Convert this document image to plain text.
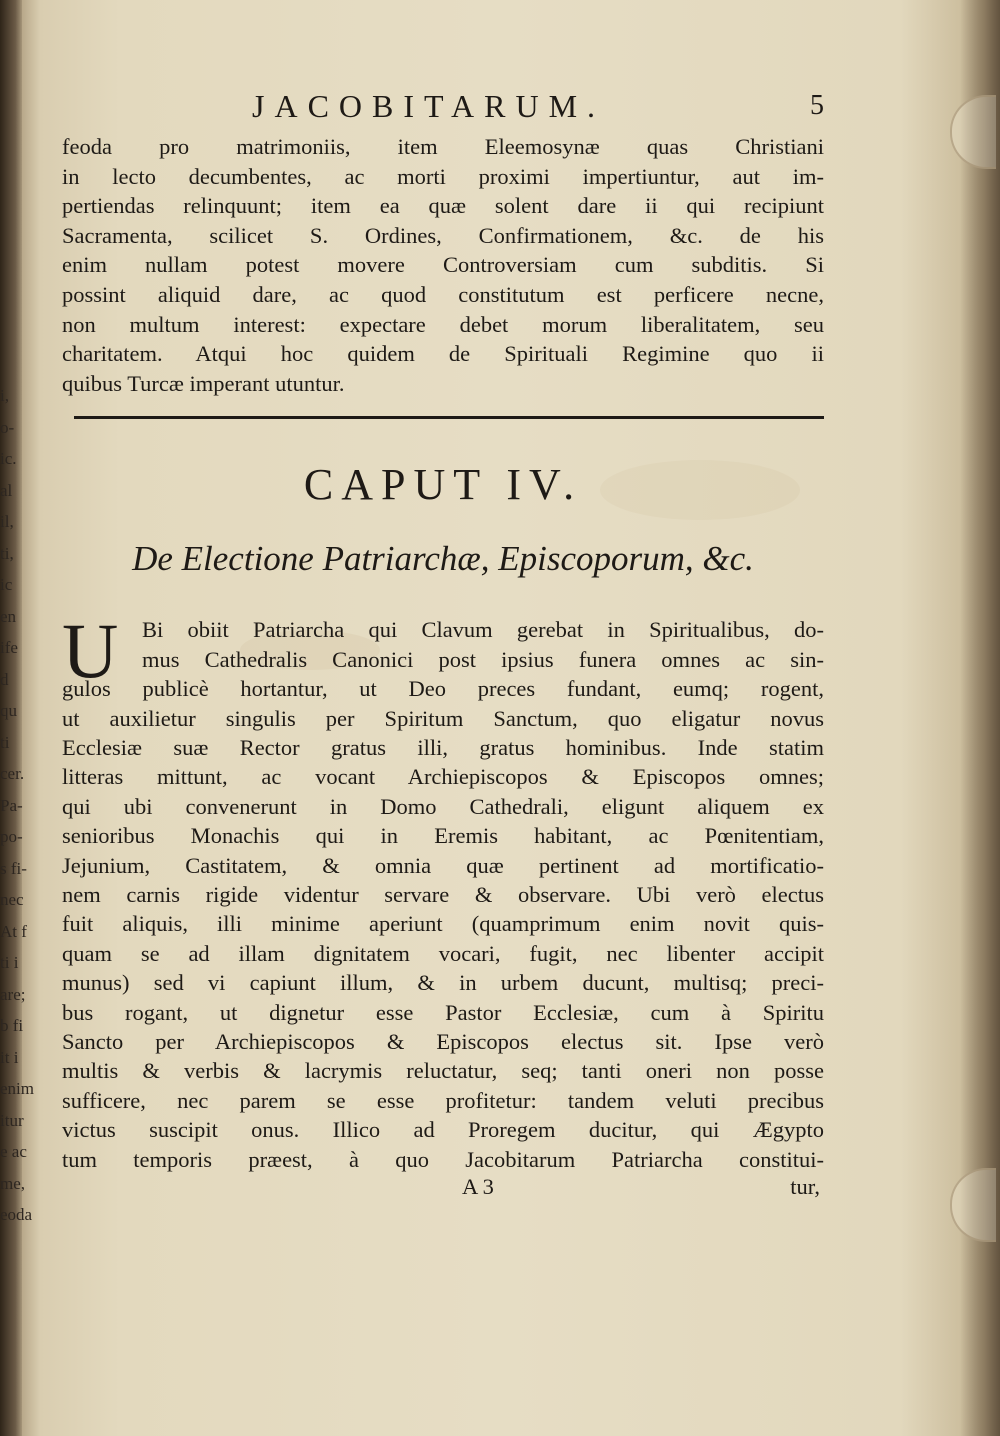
i,
o-
ic.
al
il,
ti,
ic
en
ife
d
qu
ti
cer.
Pa-
po-
s fi-
nec
At f
ti i
are;
b fi
it i
enim
itur
e ac
me,
eoda
JACOBITARUM.	5
feoda pro matrimoniis, item Eleemosynæ quas Christiani
in lecto decumbentes, ac morti proximi impertiuntur, aut im-
pertiendas relinquunt; item ea quæ solent dare ii qui recipiunt
Sacramenta, scilicet S. Ordines, Confirmationem, &c. de his
enim nullam potest movere Controversiam cum subditis. Si
possint aliquid dare, ac quod constitutum est perficere necne,
non multum interest: expectare debet morum liberalitatem, seu
charitatem. Atqui hoc quidem de Spirituali Regimine quo ii
quibus Turcæ imperant utuntur.
CAPUT IV.
De Electione Patriarchæ, Episcoporum, &c.
U	Bi obiit Patriarcha qui Clavum gerebat in Spiritualibus, do-
mus Cathedralis Canonici post ipsius funera omnes ac sin-
gulos publicè hortantur, ut Deo preces fundant, eumq; rogent,
ut auxilietur singulis per Spiritum Sanctum, quo eligatur novus
Ecclesiæ suæ Rector gratus illi, gratus hominibus. Inde statim
litteras mittunt, ac vocant Archiepiscopos & Episcopos omnes;
qui ubi convenerunt in Domo Cathedrali, eligunt aliquem ex
senioribus Monachis qui in Eremis habitant, ac Pœnitentiam,
Jejunium, Castitatem, & omnia quæ pertinent ad mortificatio-
nem carnis rigide videntur servare & observare. Ubi verò electus
fuit aliquis, illi minime aperiunt (quamprimum enim novit quis-
quam se ad illam dignitatem vocari, fugit, nec libenter accipit
munus) sed vi capiunt illum, & in urbem ducunt, multisq; preci-
bus rogant, ut dignetur esse Pastor Ecclesiæ, cum à Spiritu
Sancto per Archiepiscopos & Episcopos electus sit. Ipse verò
multis & verbis & lacrymis reluctatur, seq; tanti oneri non posse
sufficere, nec parem se esse profitetur: tandem veluti precibus
victus suscipit onus. Illico ad Proregem ducitur, qui Ægypto
tum temporis præest, à quo Jacobitarum Patriarcha constitui-
A 3	tur,
